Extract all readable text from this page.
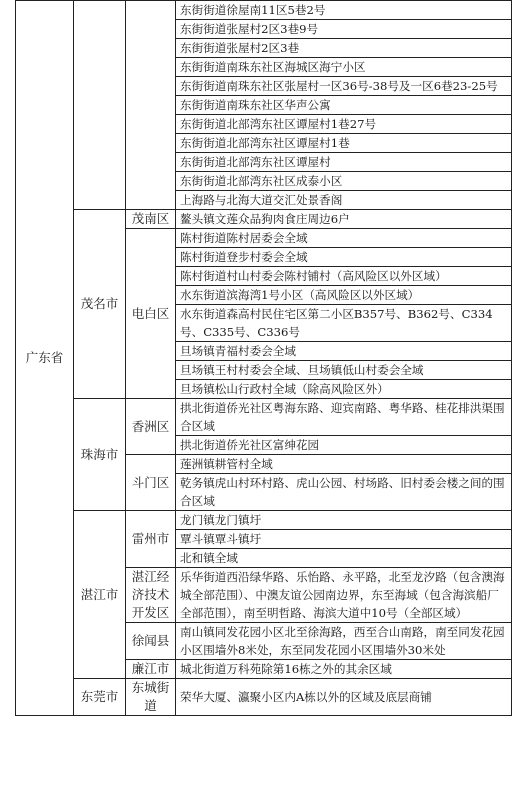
广东省			东街街道徐屋南11区5巷2号
			东街街道张屋村2区3巷9号
			东街街道张屋村2区3巷
			东街街道南珠东社区海城区海宁小区
			东街街道南珠东社区张屋村一区36号-38号及一区6巷23-25号
			东街街道南珠东社区华声公寓
			东街街道北部湾东社区谭屋村1巷27号
			东街街道北部湾东社区谭屋村1巷
			东街街道北部湾东社区谭屋村
			东街街道北部湾东社区成泰小区
			上海路与北海大道交汇处景香阁
	茂名市	茂南区	鳌头镇文莲众品狗肉食庄周边6户
		电白区	陈村街道陈村居委会全域
			陈村街道登步村委会全域
			陈村街道村山村委会陈村铺村（高风险区以外区域）
			水东街道滨海湾1号小区（高风险区以外区域）
			水东街道森高村民住宅区第二小区B357号、B362号、C334号、C335号、C336号
			旦场镇青福村委会全域
			旦场镇王村村委会全域、旦场镇低山村委会全域
			旦场镇松山行政村全域（除高风险区外）
	珠海市	香洲区	拱北街道侨光社区粤海东路、迎宾南路、粤华路、桂花排洪渠围合区域
			拱北街道侨光社区富绅花园
		斗门区	莲洲镇耕管村全域
			乾务镇虎山村环村路、虎山公园、村场路、旧村委会楼之间的围合区域
	湛江市	雷州市	龙门镇龙门镇圩
			覃斗镇覃斗镇圩
			北和镇全域
		湛江经济技术开发区	乐华街道西沿绿华路、乐怡路、永平路，北至龙汐路（包含澳海城全部范围）、中澳友谊公园南边界，东至海域（包含海滨船厂全部范围），南至明哲路、海滨大道中10号（全部区域）
		徐闻县	南山镇同发花园小区北至徐海路，西至合山南路，南至同发花园小区围墙外8米处，东至同发花园小区围墙外30米处
		廉江市	城北街道万科苑除第16栋之外的其余区域
	东莞市	东城街道	荣华大厦、瀛聚小区内A栋以外的区域及底层商铺
